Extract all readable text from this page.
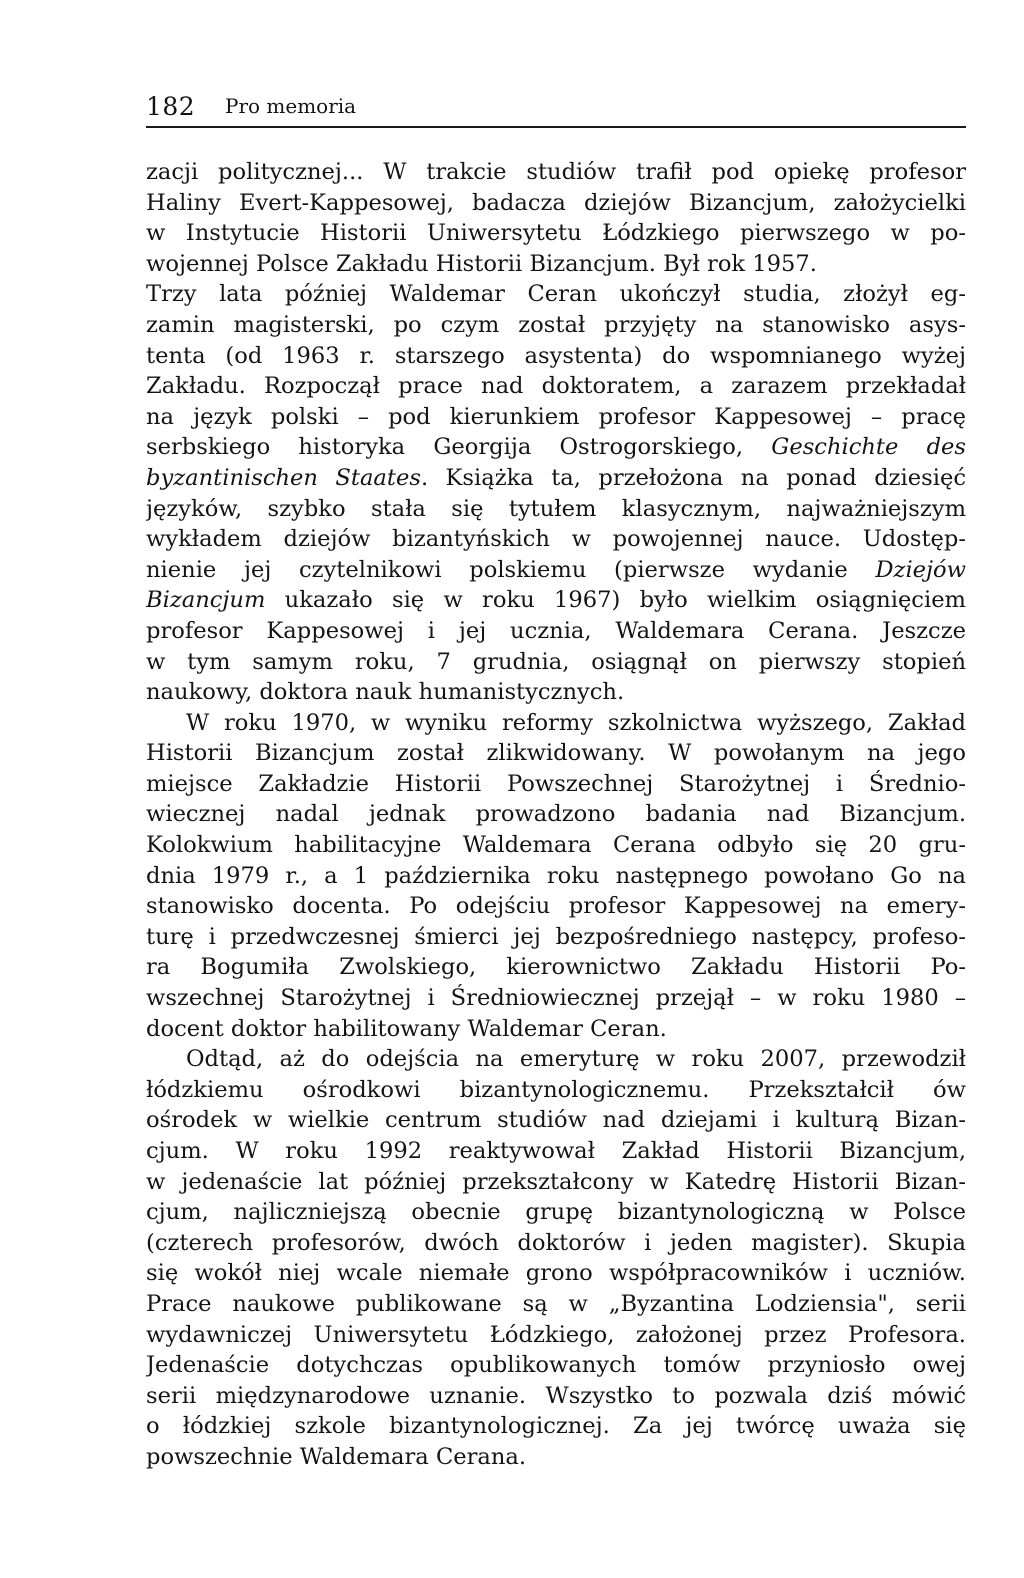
182 Pro memoria
zacji politycznej... W trakcie studiów trafił pod opiekę profesor
Haliny Evert-Kappesowej, badacza dziejów Bizancjum, założycielki
w Instytucie Historii Uniwersytetu Łódzkiego pierwszego w po-
wojennej Polsce Zakładu Historii Bizancjum. Był rok 1957.
Trzy lata później Waldemar Ceran ukończył studia, złożył eg-
zamin magisterski, po czym został przyjęty na stanowisko asys-
tenta (od 1963 r. starszego asystenta) do wspomnianego wyżej
Zakładu. Rozpoczął prace nad doktoratem, a zarazem przekładał
na język polski – pod kierunkiem profesor Kappesowej – pracę
serbskiego historyka Georgija Ostrogorskiego, Geschichte des
byzantinischen Staates. Książka ta, przełożona na ponad dziesięć
języków, szybko stała się tytułem klasycznym, najważniejszym
wykładem dziejów bizantyńskich w powojennej nauce. Udostęp-
nienie jej czytelnikowi polskiemu (pierwsze wydanie Dziejów
Bizancjum ukazało się w roku 1967) było wielkim osiągnięciem
profesor Kappesowej i jej ucznia, Waldemara Cerana. Jeszcze
w tym samym roku, 7 grudnia, osiągnął on pierwszy stopień
naukowy, doktora nauk humanistycznych.
W roku 1970, w wyniku reformy szkolnictwa wyższego, Zakład
Historii Bizancjum został zlikwidowany. W powołanym na jego
miejsce Zakładzie Historii Powszechnej Starożytnej i Średnio-
wiecznej nadal jednak prowadzono badania nad Bizancjum.
Kolokwium habilitacyjne Waldemara Cerana odbyło się 20 gru-
dnia 1979 r., a 1 października roku następnego powołano Go na
stanowisko docenta. Po odejściu profesor Kappesowej na emery-
turę i przedwczesnej śmierci jej bezpośredniego następcy, profeso-
ra Bogumiła Zwolskiego, kierownictwo Zakładu Historii Po-
wszechnej Starożytnej i Średniowiecznej przejął – w roku 1980 –
docent doktor habilitowany Waldemar Ceran.
Odtąd, aż do odejścia na emeryturę w roku 2007, przewodził
łódzkiemu ośrodkowi bizantynologicznemu. Przekształcił ów
ośrodek w wielkie centrum studiów nad dziejami i kulturą Bizan-
cjum. W roku 1992 reaktywował Zakład Historii Bizancjum,
w jedenaście lat później przekształcony w Katedrę Historii Bizan-
cjum, najliczniejszą obecnie grupę bizantynologiczną w Polsce
(czterech profesorów, dwóch doktorów i jeden magister). Skupia
się wokół niej wcale niemałe grono współpracowników i uczniów.
Prace naukowe publikowane są w „Byzantina Lodziensia", serii
wydawniczej Uniwersytetu Łódzkiego, założonej przez Profesora.
Jedenaście dotychczas opublikowanych tomów przyniosło owej
serii międzynarodowe uznanie. Wszystko to pozwala dziś mówić
o łódzkiej szkole bizantynologicznej. Za jej twórcę uważa się
powszechnie Waldemara Cerana.
